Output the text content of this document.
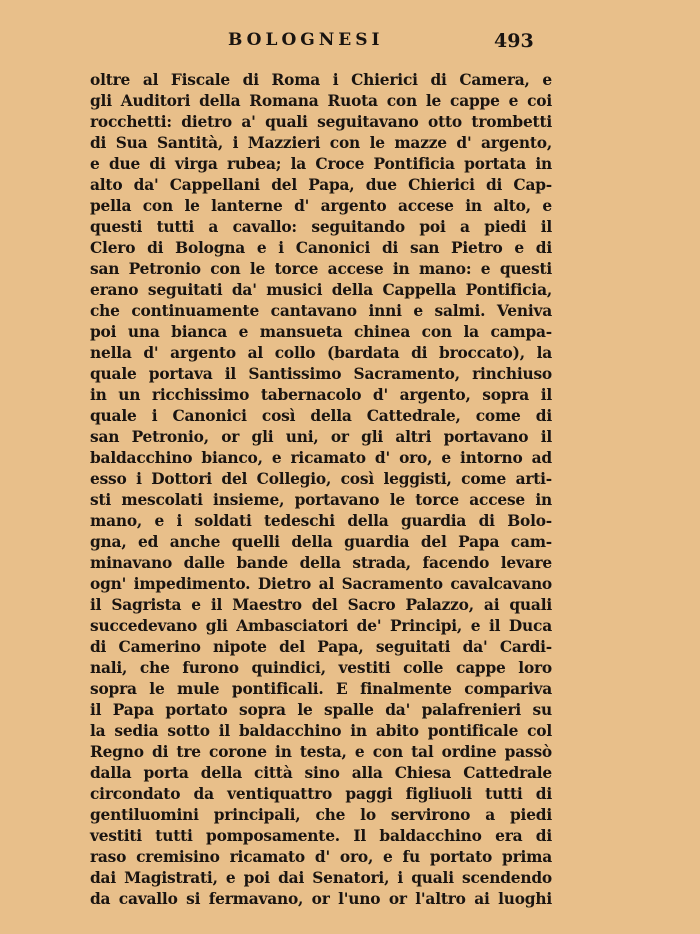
BOLOGNESI	493
oltre al Fiscale di Roma i Chierici di Camera, e
gli Auditori della Romana Ruota con le cappe e coi
rocchetti: dietro a' quali seguitavano otto trombetti
di Sua Santità, i Mazzieri con le mazze d' argento,
e due di virga rubea; la Croce Pontificia portata in
alto da' Cappellani del Papa, due Chierici di Cap-
pella con le lanterne d' argento accese in alto, e
questi tutti a cavallo: seguitando poi a piedi il
Clero di Bologna e i Canonici di san Pietro e di
san Petronio con le torce accese in mano: e questi
erano seguitati da' musici della Cappella Pontificia,
che continuamente cantavano inni e salmi. Veniva
poi una bianca e mansueta chinea con la campa-
nella d' argento al collo (bardata di broccato), la
quale portava il Santissimo Sacramento, rinchiuso
in un ricchissimo tabernacolo d' argento, sopra il
quale i Canonici così della Cattedrale, come di
san Petronio, or gli uni, or gli altri portavano il
baldacchino bianco, e ricamato d' oro, e intorno ad
esso i Dottori del Collegio, così leggisti, come arti-
sti mescolati insieme, portavano le torce accese in
mano, e i soldati tedeschi della guardia di Bolo-
gna, ed anche quelli della guardia del Papa cam-
minavano dalle bande della strada, facendo levare
ogn' impedimento. Dietro al Sacramento cavalcavano
il Sagrista e il Maestro del Sacro Palazzo, ai quali
succedevano gli Ambasciatori de' Principi, e il Duca
di Camerino nipote del Papa, seguitati da' Cardi-
nali, che furono quindici, vestiti colle cappe loro
sopra le mule pontificali. E finalmente compariva
il Papa portato sopra le spalle da' palafrenieri su
la sedia sotto il baldacchino in abito pontificale col
Regno di tre corone in testa, e con tal ordine passò
dalla porta della città sino alla Chiesa Cattedrale
circondato da ventiquattro paggi figliuoli tutti di
gentiluomini principali, che lo servirono a piedi
vestiti tutti pomposamente. Il baldacchino era di
raso cremisino ricamato d' oro, e fu portato prima
dai Magistrati, e poi dai Senatori, i quali scendendo
da cavallo si fermavano, or l'uno or l'altro ai luoghi
